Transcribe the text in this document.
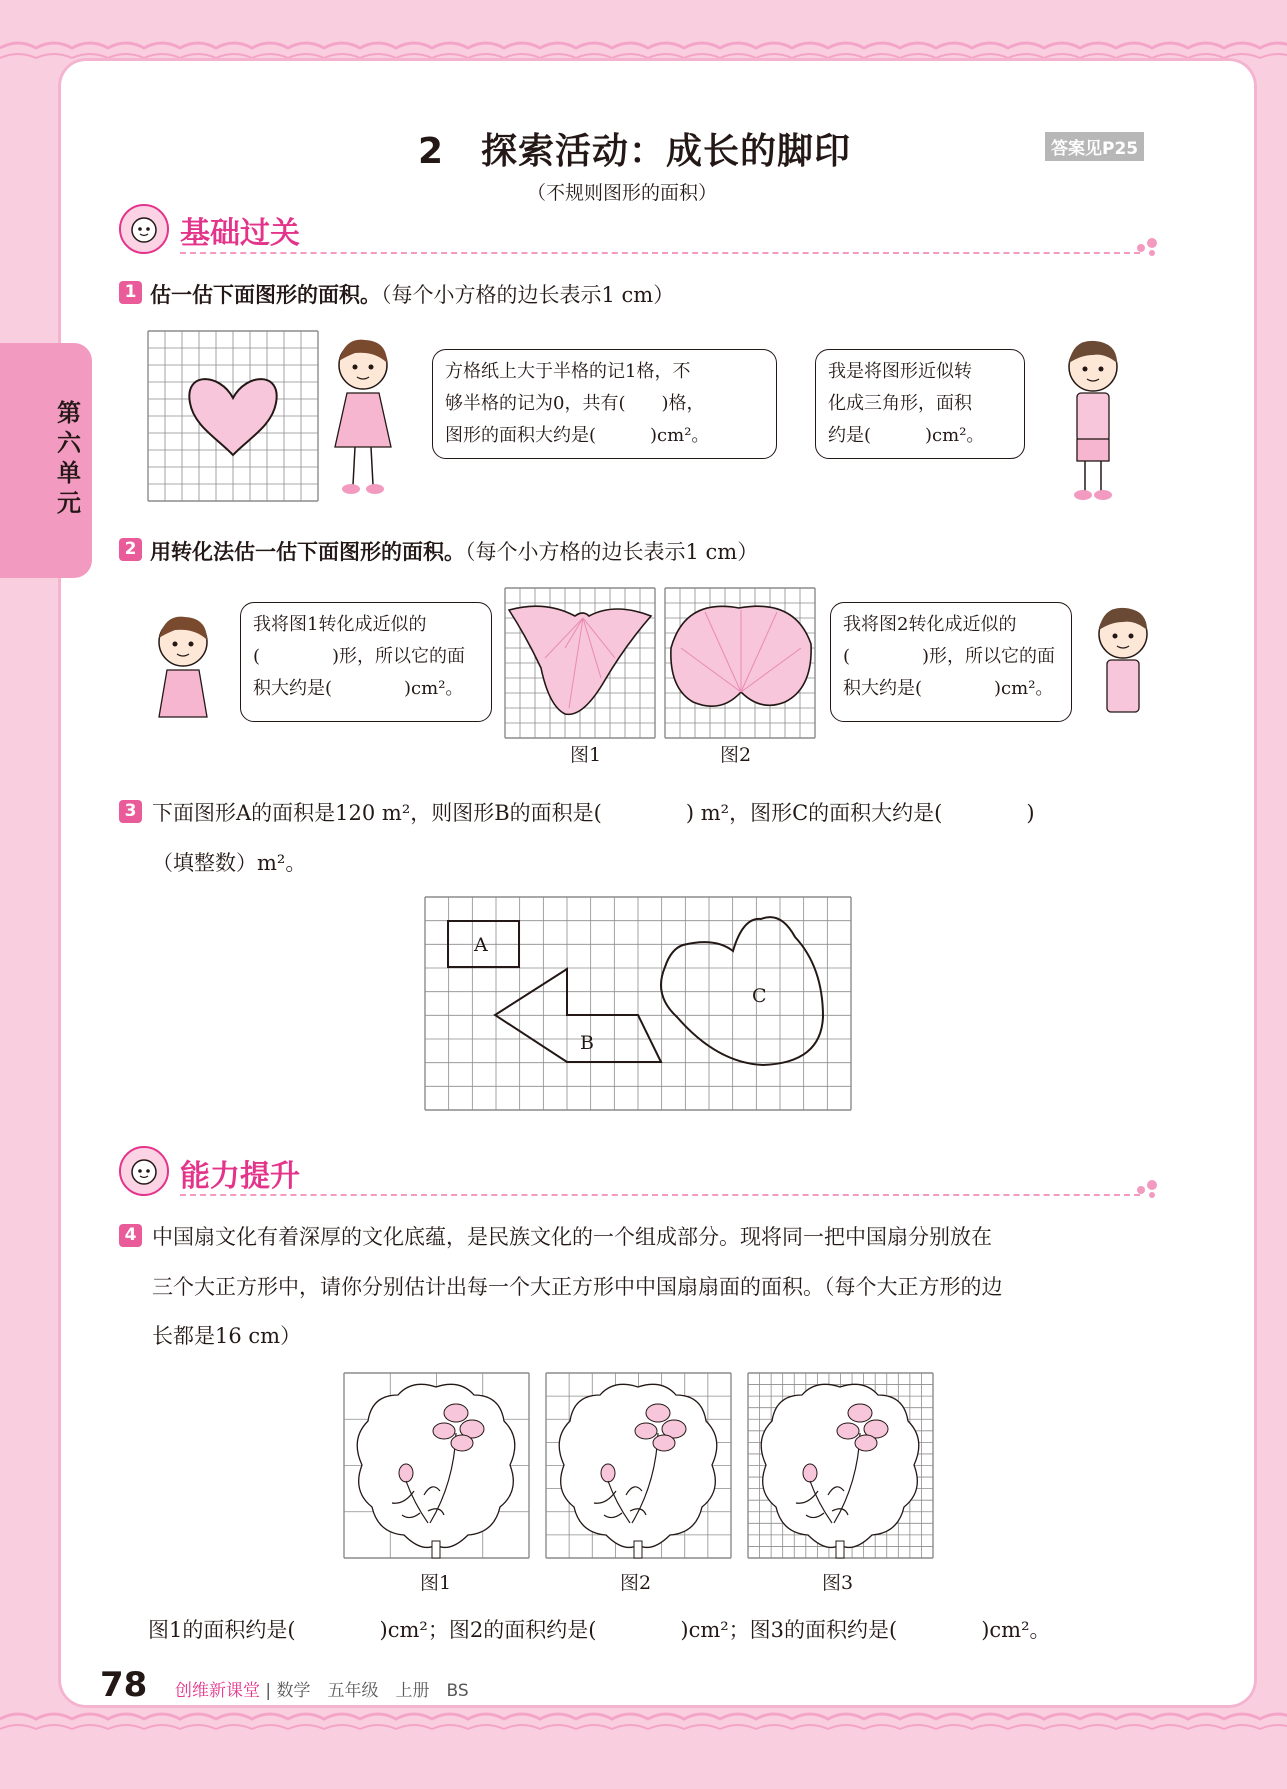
第六单元
2　探索活动：成长的脚印
（不规则图形的面积）
答案见P25
基础过关
1 估一估下面图形的面积。（每个小方格的边长表示1 cm）
方格纸上大于半格的记1格，不
够半格的记为0，共有(　　)格，
图形的面积大约是(　　　)cm²。
我是将图形近似转
化成三角形，面积
约是(　　　)cm²。
2 用转化法估一估下面图形的面积。（每个小方格的边长表示1 cm）
我将图1转化成近似的
(　　　　)形，所以它的面
积大约是(　　　　)cm²。
图1	图2
我将图2转化成近似的
(　　　　)形，所以它的面
积大约是(　　　　)cm²。
3 下面图形A的面积是120 m²，则图形B的面积是(　　　　) m²，图形C的面积大约是(　　　　)
（填整数）m²。
A
B
C
能力提升
4 中国扇文化有着深厚的文化底蕴，是民族文化的一个组成部分。现将同一把中国扇分别放在
三个大正方形中，请你分别估计出每一个大正方形中中国扇扇面的面积。（每个大正方形的边
长都是16 cm）
图1	图2	图3
图1的面积约是(　　　　)cm²；图2的面积约是(　　　　)cm²；图3的面积约是(　　　　)cm²。
78 创维新课堂 | 数学　五年级　上册　BS
